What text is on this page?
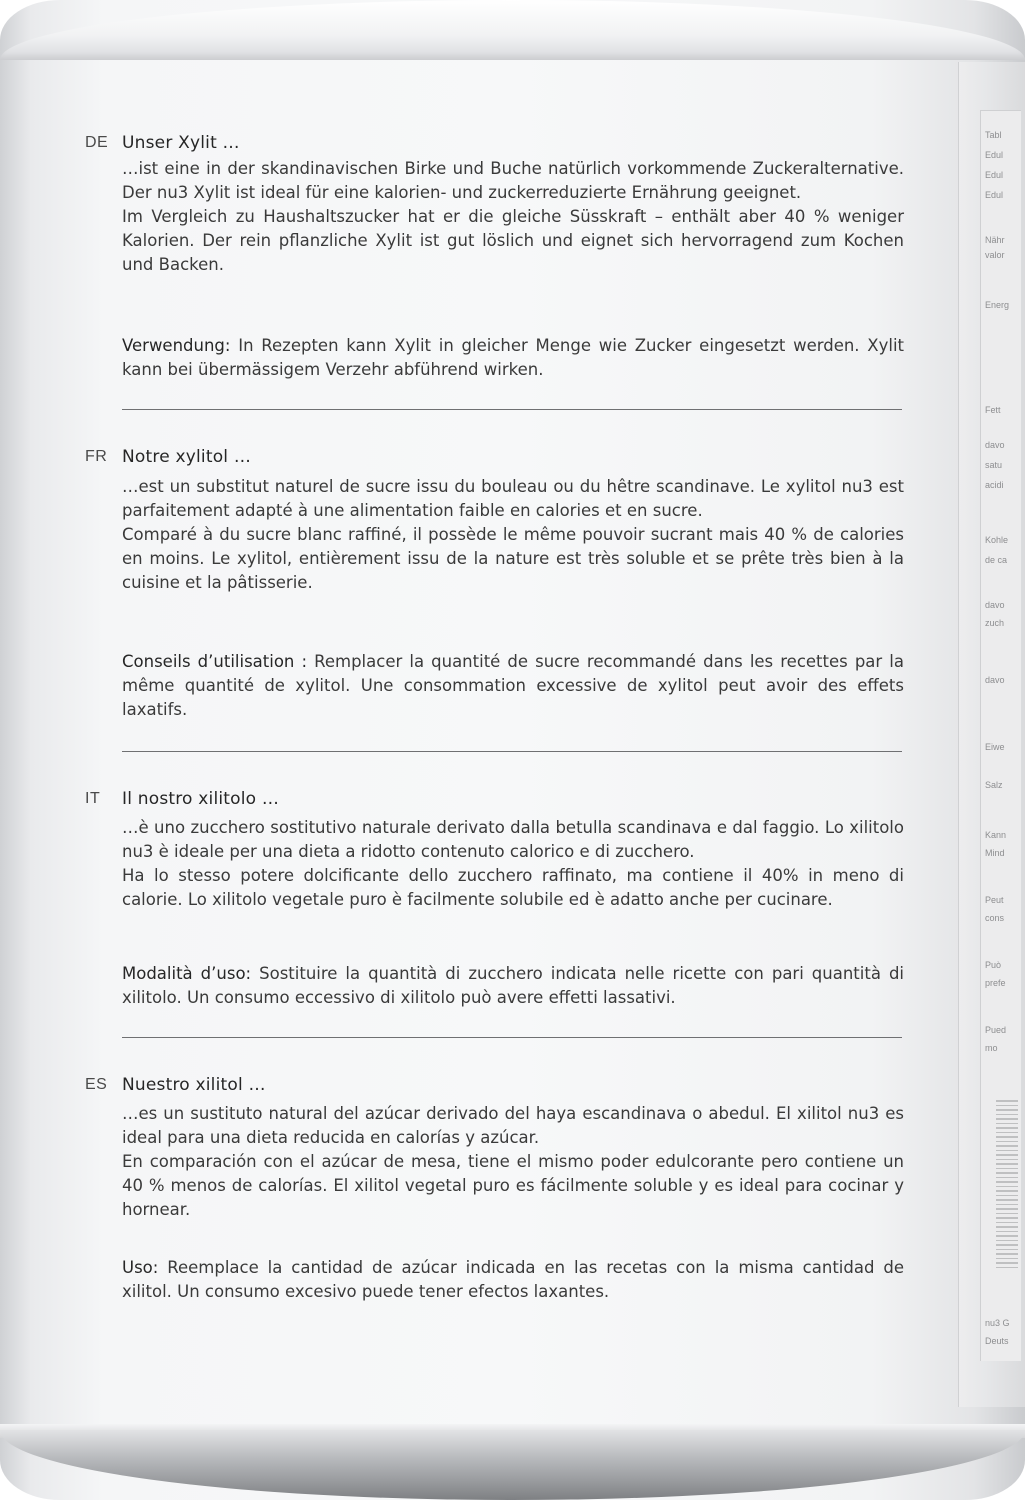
Tabl
Edul
Edul
Edul
Nähr
valor
Energ
Fett
davo
satu
acidi
Kohle
de ca
davo
zuch
davo
Eiwe
Salz
Kann
Mind
Peut
cons
Può
prefe
Pued
mo
nu3 G
Deuts
DE Unser Xylit …

…ist eine in der skandinavischen Birke und Buche natürlich vorkommende Zuckeralternative. Der nu3 Xylit ist ideal für eine kalorien- und zuckerreduzierte Ernährung geeignet.

Im Vergleich zu Haushaltszucker hat er die gleiche Süsskraft – enthält aber 40 % weniger Kalorien. Der rein pflanzliche Xylit ist gut löslich und eignet sich hervorragend zum Kochen und Backen.

Verwendung: In Rezepten kann Xylit in gleicher Menge wie Zucker eingesetzt werden. Xylit kann bei übermässigem Verzehr abführend wirken.
FR Notre xylitol …

…est un substitut naturel de sucre issu du bouleau ou du hêtre scandinave. Le xylitol nu3 est parfaitement adapté à une alimentation faible en calories et en sucre.

Comparé à du sucre blanc raffiné, il possède le même pouvoir sucrant mais 40 % de calories en moins. Le xylitol, entièrement issu de la nature est très soluble et se prête très bien à la cuisine et la pâtisserie.

Conseils d’utilisation : Remplacer la quantité de sucre recommandé dans les recettes par la même quantité de xylitol. Une consommation excessive de xylitol peut avoir des effets laxatifs.
IT Il nostro xilitolo …

…è uno zucchero sostitutivo naturale derivato dalla betulla scandinava e dal faggio. Lo xilitolo nu3 è ideale per una dieta a ridotto contenuto calorico e di zucchero.

Ha lo stesso potere dolcificante dello zucchero raffinato, ma contiene il 40% in meno di calorie. Lo xilitolo vegetale puro è facilmente solubile ed è adatto anche per cucinare.

Modalità d’uso: Sostituire la quantità di zucchero indicata nelle ricette con pari quantità di xilitolo. Un consumo eccessivo di xilitolo può avere effetti lassativi.
ES Nuestro xilitol …

…es un sustituto natural del azúcar derivado del haya escandinava o abedul. El xilitol nu3 es ideal para una dieta reducida en calorías y azúcar.

En comparación con el azúcar de mesa, tiene el mismo poder edulcorante pero contiene un 40 % menos de calorías. El xilitol vegetal puro es fácilmente soluble y es ideal para cocinar y hornear.

Uso: Reemplace la cantidad de azúcar indicada en las recetas con la misma cantidad de xilitol. Un consumo excesivo puede tener efectos laxantes.
